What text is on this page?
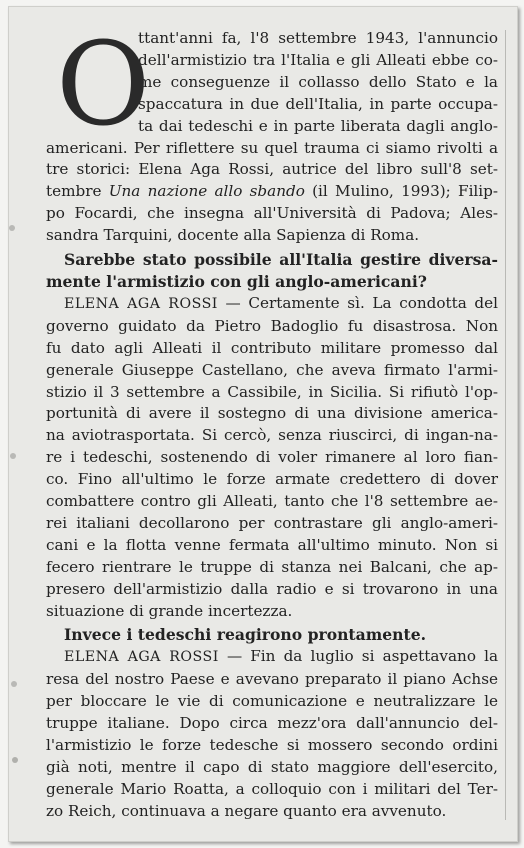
O
ttant'anni fa, l'8 settembre 1943, l'annuncio
dell'armistizio tra l'Italia e gli Alleati ebbe co-
me conseguenze il collasso dello Stato e la
spaccatura in due dell'Italia, in parte occupa-
ta dai tedeschi e in parte liberata dagli anglo-
americani. Per riflettere su quel trauma ci siamo rivolti a
tre storici: Elena Aga Rossi, autrice del libro sull'8 set-
tembre Una nazione allo sbando (il Mulino, 1993); Filip-
po Focardi, che insegna all'Università di Padova; Ales-
sandra Tarquini, docente alla Sapienza di Roma.
Sarebbe stato possibile all'Italia gestire diversa-
mente l'armistizio con gli anglo-americani?
ELENA AGA ROSSI — Certamente sì. La condotta del
governo guidato da Pietro Badoglio fu disastrosa. Non
fu dato agli Alleati il contributo militare promesso dal
generale Giuseppe Castellano, che aveva firmato l'armi-
stizio il 3 settembre a Cassibile, in Sicilia. Si rifiutò l'op-
portunità di avere il sostegno di una divisione america-
na aviotrasportata. Si cercò, senza riuscirci, di ingan-na-
re i tedeschi, sostenendo di voler rimanere al loro fian-
co. Fino all'ultimo le forze armate credettero di dover
combattere contro gli Alleati, tanto che l'8 settembre ae-
rei italiani decollarono per contrastare gli anglo-ameri-
cani e la flotta venne fermata all'ultimo minuto. Non si
fecero rientrare le truppe di stanza nei Balcani, che ap-
presero dell'armistizio dalla radio e si trovarono in una
situazione di grande incertezza.
Invece i tedeschi reagirono prontamente.
ELENA AGA ROSSI — Fin da luglio si aspettavano la
resa del nostro Paese e avevano preparato il piano Achse
per bloccare le vie di comunicazione e neutralizzare le
truppe italiane. Dopo circa mezz'ora dall'annuncio del-
l'armistizio le forze tedesche si mossero secondo ordini
già noti, mentre il capo di stato maggiore dell'esercito,
generale Mario Roatta, a colloquio con i militari del Ter-
zo Reich, continuava a negare quanto era avvenuto.
